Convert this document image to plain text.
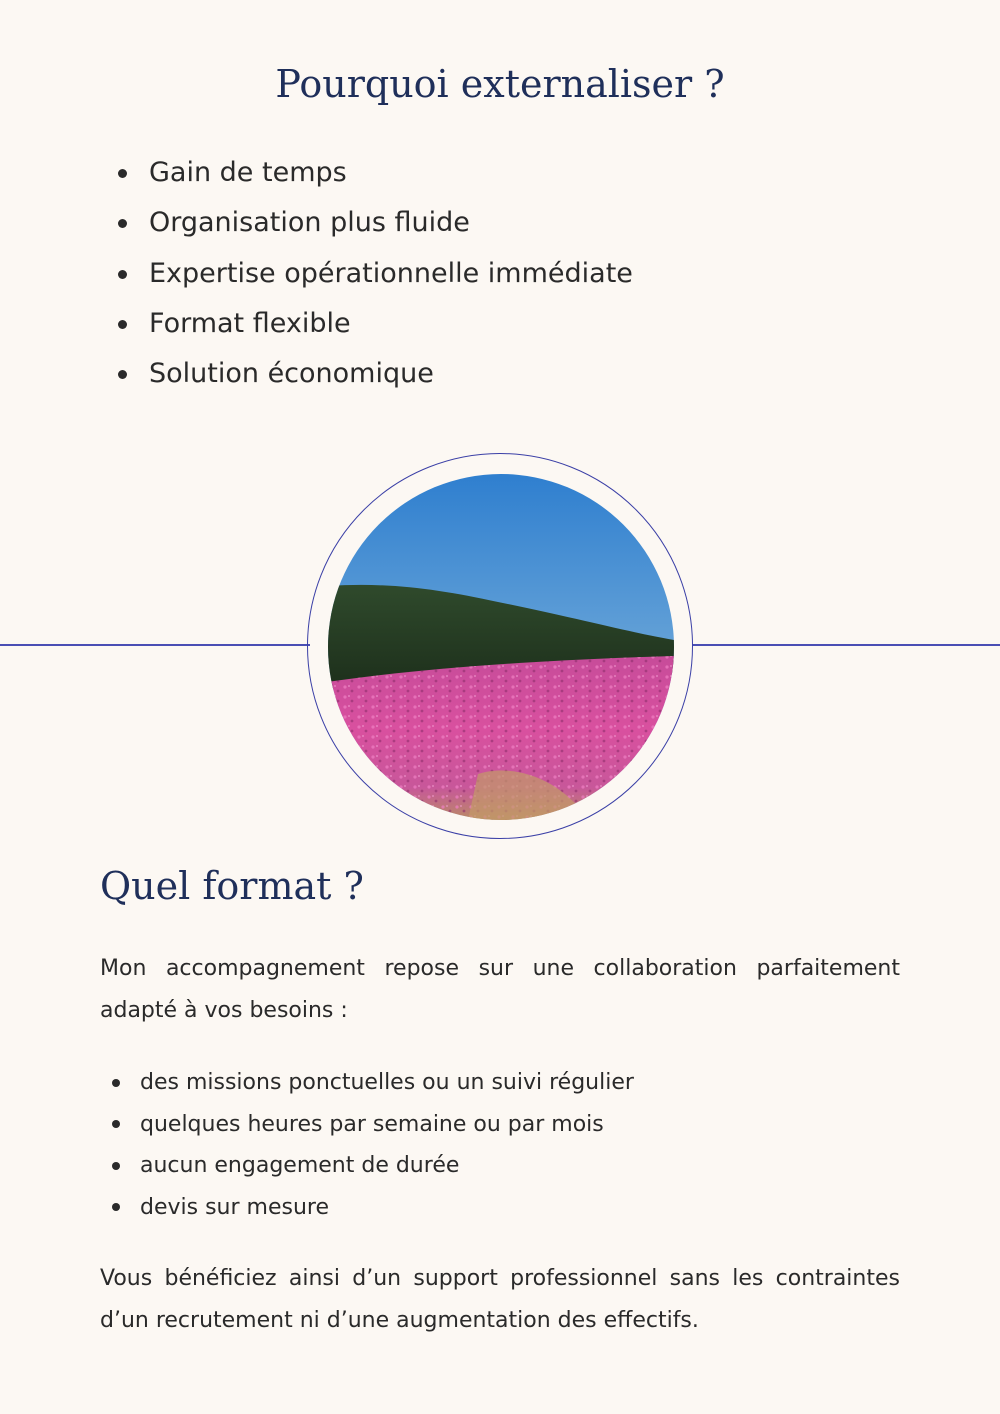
Pourquoi externaliser ?
Gain de temps
Organisation plus fluide
Expertise opérationnelle immédiate
Format flexible
Solution économique
Quel format ?

Mon accompagnement repose sur une collaboration parfaitement adapté à vos besoins :

des missions ponctuelles ou un suivi régulier
quelques heures par semaine ou par mois
aucun engagement de durée
devis sur mesure

Vous bénéficiez ainsi d’un support professionnel sans les contraintes d’un recrutement ni d’une augmentation des effectifs.
